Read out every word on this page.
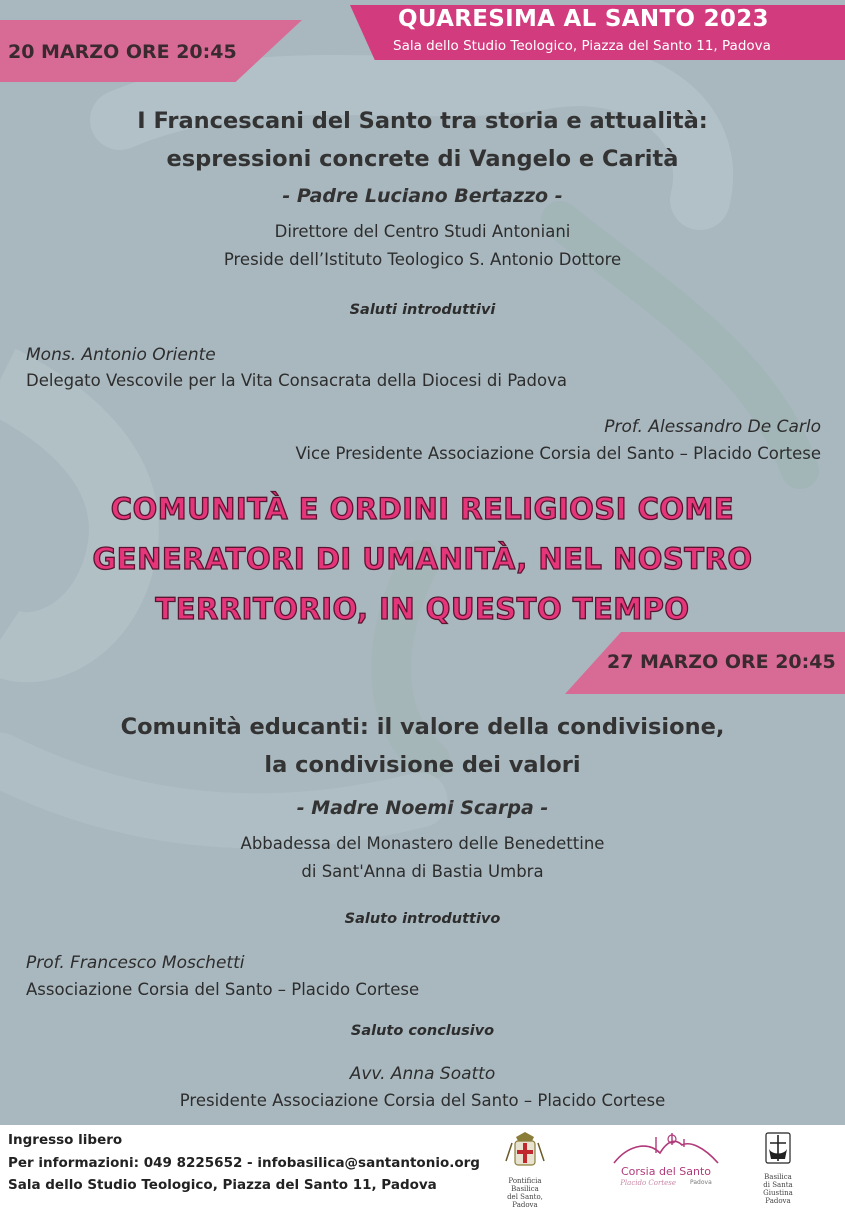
QUARESIMA AL SANTO 2023
Sala dello Studio Teologico, Piazza del Santo 11, Padova
20 MARZO ORE 20:45
I Francescani del Santo tra storia e attualità:
espressioni concrete di Vangelo e Carità
- Padre Luciano Bertazzo -
Direttore del Centro Studi Antoniani
Preside dell’Istituto Teologico S. Antonio Dottore
Saluti introduttivi
Mons. Antonio Oriente
Delegato Vescovile per la Vita Consacrata della Diocesi di Padova
Prof. Alessandro De Carlo
Vice Presidente Associazione Corsia del Santo – Placido Cortese
COMUNITÀ E ORDINI RELIGIOSI COME
GENERATORI DI UMANITÀ, NEL NOSTRO
TERRITORIO, IN QUESTO TEMPO
27 MARZO ORE 20:45
Comunità educanti: il valore della condivisione,
la condivisione dei valori
- Madre Noemi Scarpa -
Abbadessa del Monastero delle Benedettine
di Sant'Anna di Bastia Umbra
Saluto introduttivo
Prof. Francesco Moschetti
Associazione Corsia del Santo – Placido Cortese
Saluto conclusivo
Avv. Anna Soatto
Presidente Associazione Corsia del Santo – Placido Cortese
Ingresso libero
Per informazioni: 049 8225652 - infobasilica@santantonio.org
Sala dello Studio Teologico, Piazza del Santo 11, Padova	Pontificia Basilica
del Santo, Padova
Corsia del Santo
Placido Cortese Padova
Basilica
di Santa Giustina
Padova
